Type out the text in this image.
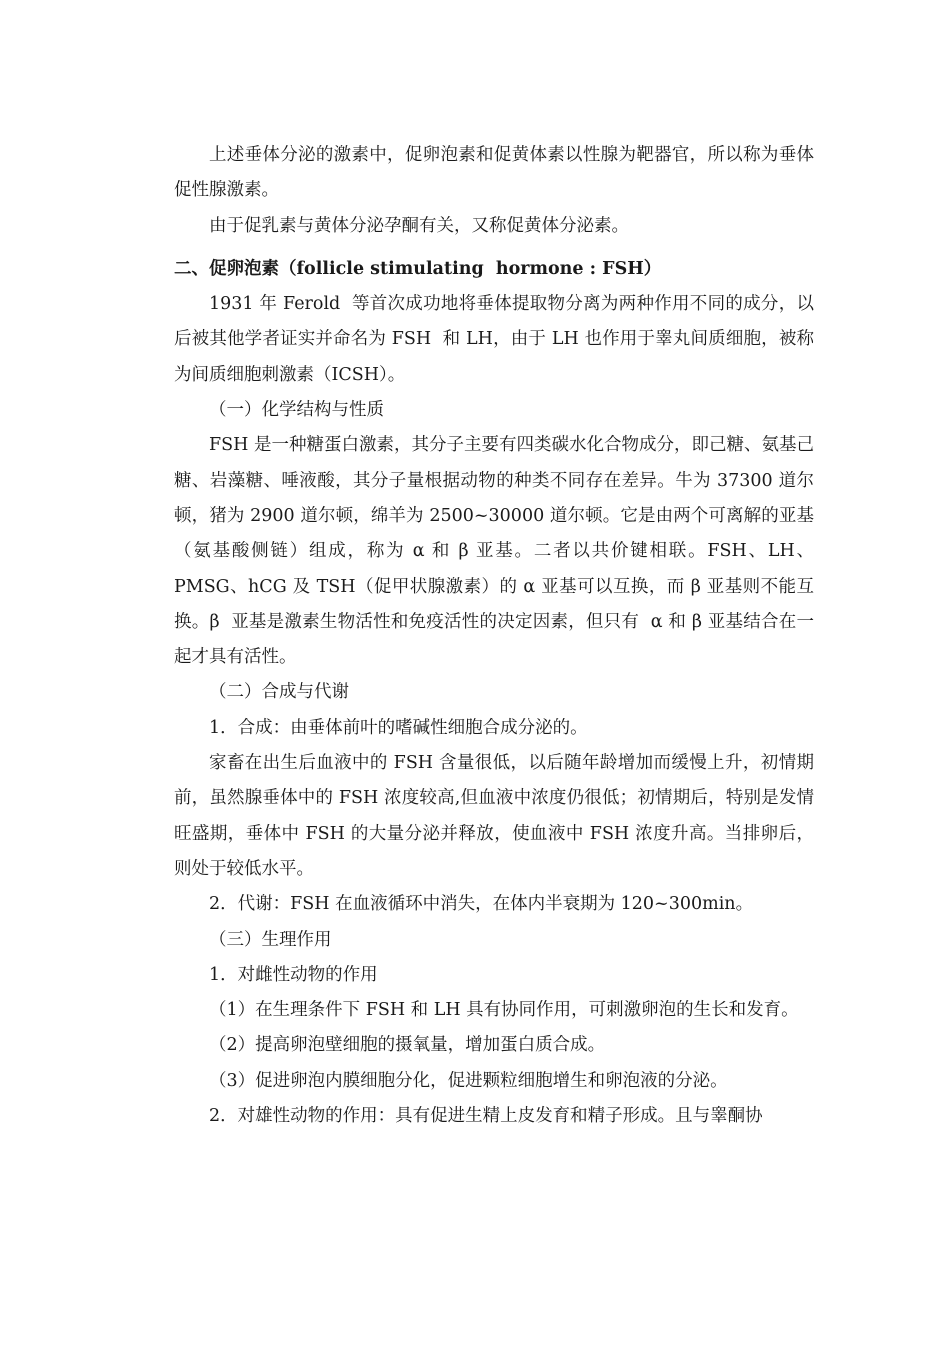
上述垂体分泌的激素中，促卵泡素和促黄体素以性腺为靶器官，所以称为垂体促性腺激素。

由于促乳素与黄体分泌孕酮有关，又称促黄体分泌素。

二、促卵泡素（follicle stimulating  hormone : FSH）

1931 年 Ferold  等首次成功地将垂体提取物分离为两种作用不同的成分，以后被其他学者证实并命名为 FSH  和 LH，由于 LH 也作用于睾丸间质细胞，被称为间质细胞刺激素（ICSH）。

（一）化学结构与性质

FSH 是一种糖蛋白激素，其分子主要有四类碳水化合物成分，即己糖、氨基己糖、岩藻糖、唾液酸，其分子量根据动物的种类不同存在差异。牛为 37300 道尔顿，猪为 2900 道尔顿，绵羊为 2500~30000 道尔顿。它是由两个可离解的亚基（氨基酸侧链）组成，称为 α 和 β 亚基。二者以共价键相联。FSH、LH、PMSG、hCG 及 TSH（促甲状腺激素）的 α 亚基可以互换，而 β 亚基则不能互换。β  亚基是激素生物活性和免疫活性的决定因素，但只有  α 和 β 亚基结合在一起才具有活性。

（二）合成与代谢

1．合成：由垂体前叶的嗜碱性细胞合成分泌的。

家畜在出生后血液中的 FSH 含量很低，以后随年龄增加而缓慢上升，初情期前，虽然腺垂体中的 FSH 浓度较高,但血液中浓度仍很低；初情期后，特别是发情旺盛期，垂体中 FSH 的大量分泌并释放，使血液中 FSH 浓度升高。当排卵后，则处于较低水平。

2．代谢：FSH 在血液循环中消失，在体内半衰期为 120~300min。

（三）生理作用

1．对雌性动物的作用

（1）在生理条件下 FSH 和 LH 具有协同作用，可刺激卵泡的生长和发育。

（2）提高卵泡壁细胞的摄氧量，增加蛋白质合成。

（3）促进卵泡内膜细胞分化，促进颗粒细胞增生和卵泡液的分泌。

2．对雄性动物的作用：具有促进生精上皮发育和精子形成。且与睾酮协
